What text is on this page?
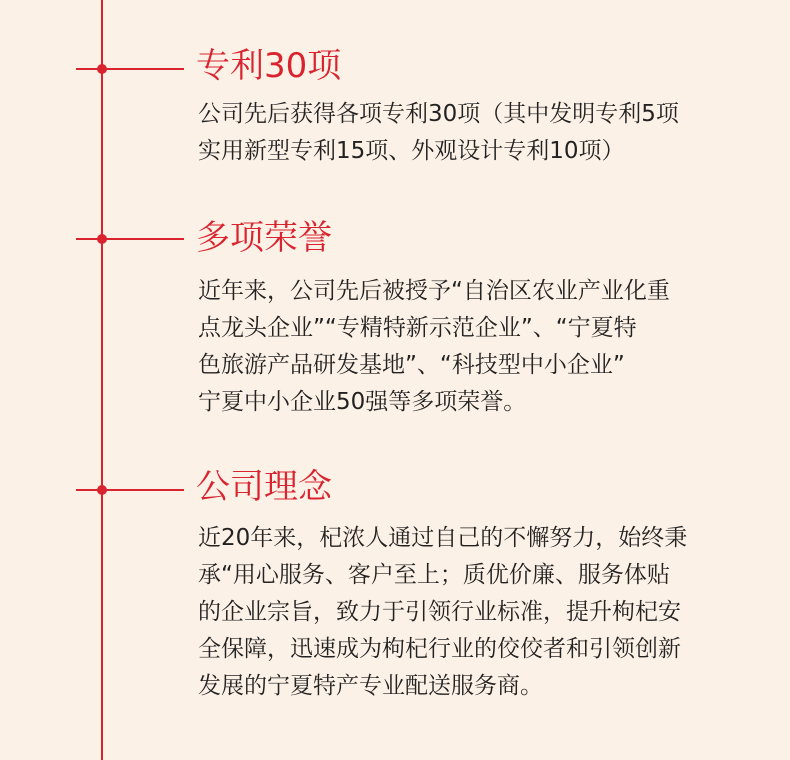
专利30项

公司先后获得各项专利30项（其中发明专利5项
实用新型专利15项、外观设计专利10项）

多项荣誉

近年来，公司先后被授予“自治区农业产业化重
点龙头企业”“专精特新示范企业”、“宁夏特
色旅游产品研发基地”、“科技型中小企业”
宁夏中小企业50强等多项荣誉。

公司理念

近20年来，杞浓人通过自己的不懈努力，始终秉
承“用心服务、客户至上；质优价廉、服务体贴
的企业宗旨，致力于引领行业标准，提升枸杞安
全保障，迅速成为枸杞行业的佼佼者和引领创新
发展的宁夏特产专业配送服务商。
